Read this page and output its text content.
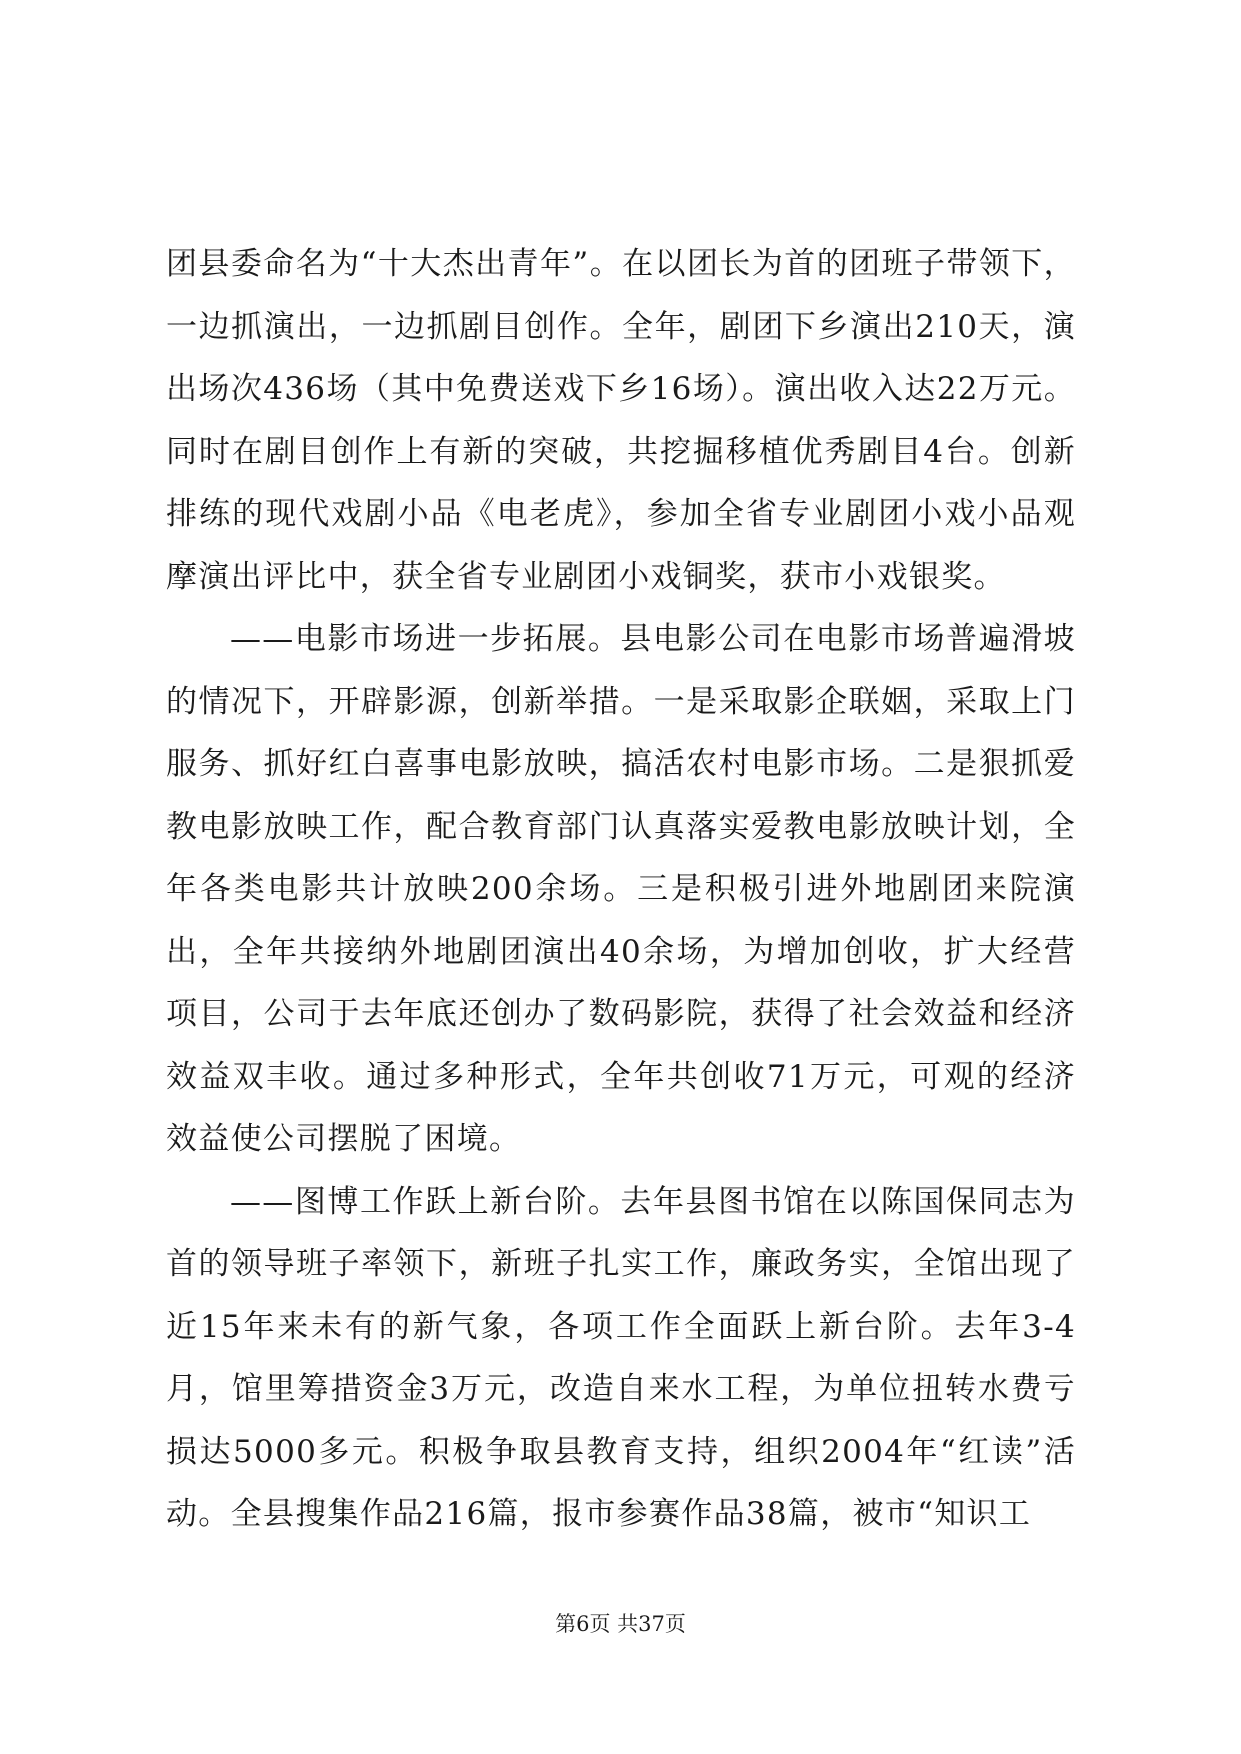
团县委命名为“十大杰出青年”。在以团长为首的团班子带领下，一边抓演出，一边抓剧目创作。全年，剧团下乡演出210天，演出场次436场（其中免费送戏下乡16场）。演出收入达22万元。同时在剧目创作上有新的突破，共挖掘移植优秀剧目4台。创新排练的现代戏剧小品《电老虎》，参加全省专业剧团小戏小品观摩演出评比中，获全省专业剧团小戏铜奖，获市小戏银奖。

——电影市场进一步拓展。县电影公司在电影市场普遍滑坡的情况下，开辟影源，创新举措。一是采取影企联姻，采取上门服务、抓好红白喜事电影放映，搞活农村电影市场。二是狠抓爱教电影放映工作，配合教育部门认真落实爱教电影放映计划，全年各类电影共计放映200余场。三是积极引进外地剧团来院演出，全年共接纳外地剧团演出40余场，为增加创收，扩大经营项目，公司于去年底还创办了数码影院，获得了社会效益和经济效益双丰收。通过多种形式，全年共创收71万元，可观的经济效益使公司摆脱了困境。

——图博工作跃上新台阶。去年县图书馆在以陈国保同志为首的领导班子率领下，新班子扎实工作，廉政务实，全馆出现了近15年来未有的新气象，各项工作全面跃上新台阶。去年3-4月，馆里筹措资金3万元，改造自来水工程，为单位扭转水费亏损达5000多元。积极争取县教育支持，组织2004年“红读”活动。全县搜集作品216篇，报市参赛作品38篇，被市“知识工

第6页 共37页
